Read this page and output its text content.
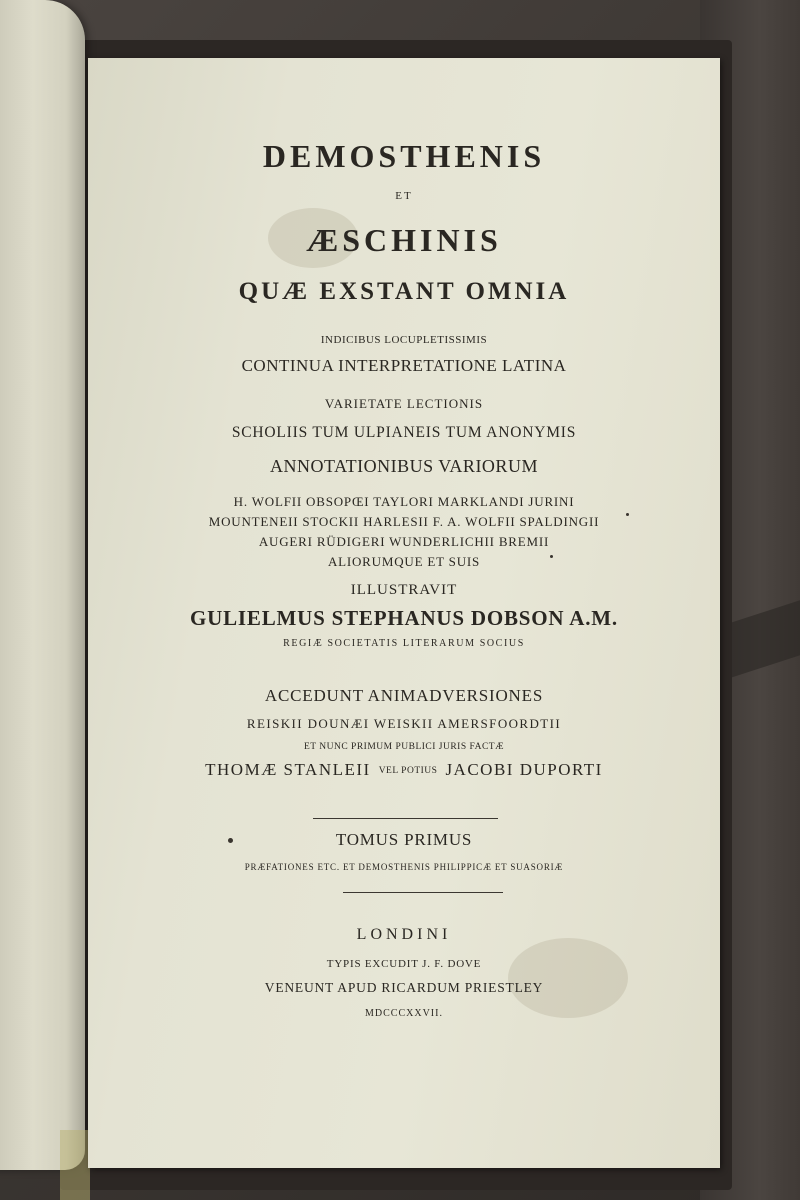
DEMOSTHENIS
ET
ÆSCHINIS
QUÆ EXSTANT OMNIA
INDICIBUS LOCUPLETISSIMIS
CONTINUA INTERPRETATIONE LATINA
VARIETATE LECTIONIS
SCHOLIIS TUM ULPIANEIS TUM ANONYMIS
ANNOTATIONIBUS VARIORUM
H. WOLFII OBSOPŒI TAYLORI MARKLANDI JURINI
MOUNTENEII STOCKII HARLESII F. A. WOLFII SPALDINGII
AUGERI RÜDIGERI WUNDERLICHII BREMII
ALIORUMQUE ET SUIS
ILLUSTRAVIT
GULIELMUS STEPHANUS DOBSON A.M.
REGIÆ SOCIETATIS LITERARUM SOCIUS
ACCEDUNT ANIMADVERSIONES
REISKII DOUNÆI WEISKII AMERSFOORDTII
ET NUNC PRIMUM PUBLICI JURIS FACTÆ
THOMÆ STANLEII VEL POTIUS JACOBI DUPORTI
TOMUS PRIMUS
PRÆFATIONES ETC. ET DEMOSTHENIS PHILIPPICÆ ET SUASORIÆ
LONDINI
TYPIS EXCUDIT J. F. DOVE
VENEUNT APUD RICARDUM PRIESTLEY
MDCCCXXVII.
